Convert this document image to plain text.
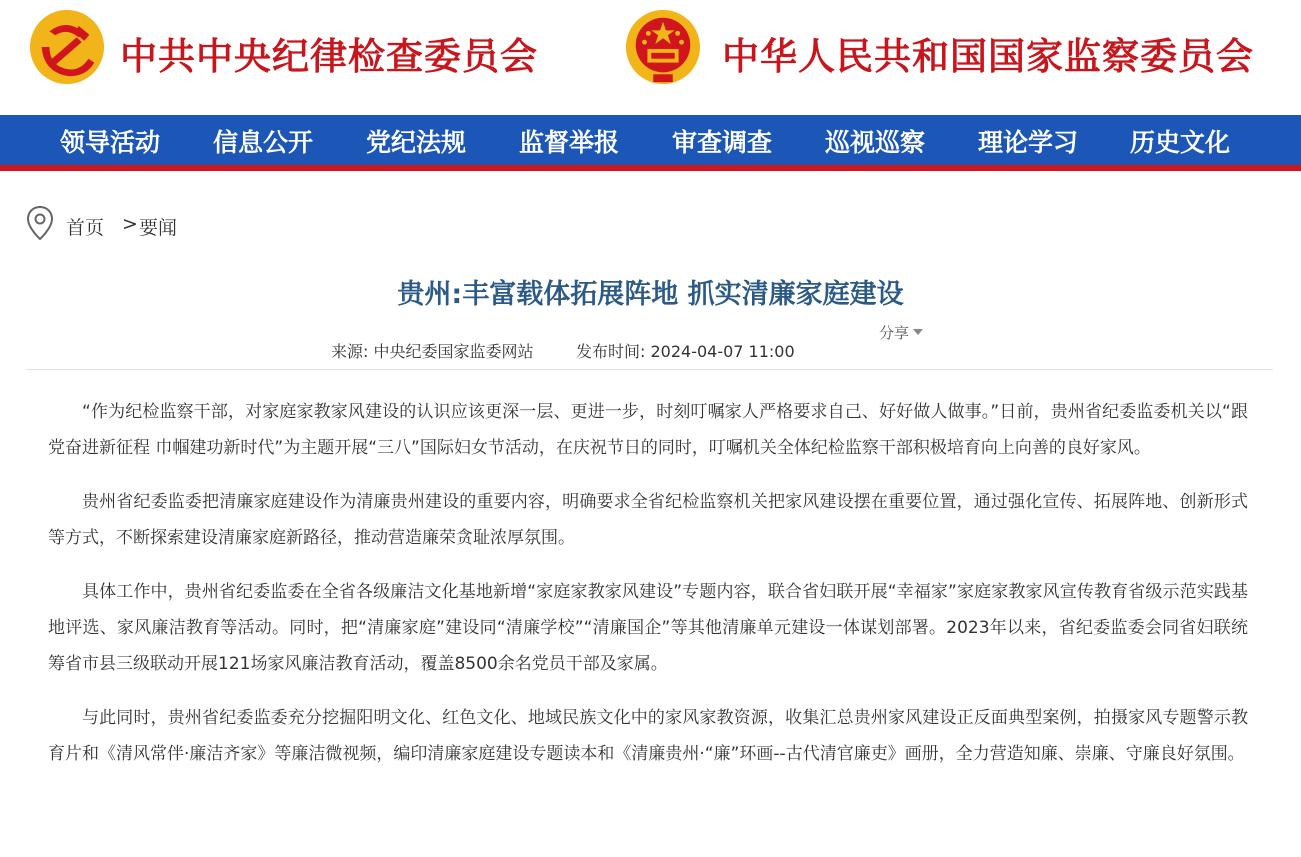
中共中央纪律检查委员会	中华人民共和国国家监察委员会
领导活动 信息公开 党纪法规 监督举报 审查调查 巡视巡察 理论学习 历史文化
首页 > 要闻
贵州:丰富载体拓展阵地 抓实清廉家庭建设
分享
来源: 中央纪委国家监委网站	发布时间: 2024-04-07 11:00

“作为纪检监察干部，对家庭家教家风建设的认识应该更深一层、更进一步，时刻叮嘱家人严格要求自己、好好做人做事。”日前，贵州省纪委监委机关以“跟党奋进新征程 巾帼建功新时代”为主题开展“三八”国际妇女节活动，在庆祝节日的同时，叮嘱机关全体纪检监察干部积极培育向上向善的良好家风。

贵州省纪委监委把清廉家庭建设作为清廉贵州建设的重要内容，明确要求全省纪检监察机关把家风建设摆在重要位置，通过强化宣传、拓展阵地、创新形式等方式，不断探索建设清廉家庭新路径，推动营造廉荣贪耻浓厚氛围。

具体工作中，贵州省纪委监委在全省各级廉洁文化基地新增“家庭家教家风建设”专题内容，联合省妇联开展“幸福家”家庭家教家风宣传教育省级示范实践基地评选、家风廉洁教育等活动。同时，把“清廉家庭”建设同“清廉学校”“清廉国企”等其他清廉单元建设一体谋划部署。2023年以来，省纪委监委会同省妇联统筹省市县三级联动开展121场家风廉洁教育活动，覆盖8500余名党员干部及家属。

与此同时，贵州省纪委监委充分挖掘阳明文化、红色文化、地域民族文化中的家风家教资源，收集汇总贵州家风建设正反面典型案例，拍摄家风专题警示教育片和《清风常伴·廉洁齐家》等廉洁微视频，编印清廉家庭建设专题读本和《清廉贵州·“廉”环画--古代清官廉吏》画册，全力营造知廉、崇廉、守廉良好氛围。
